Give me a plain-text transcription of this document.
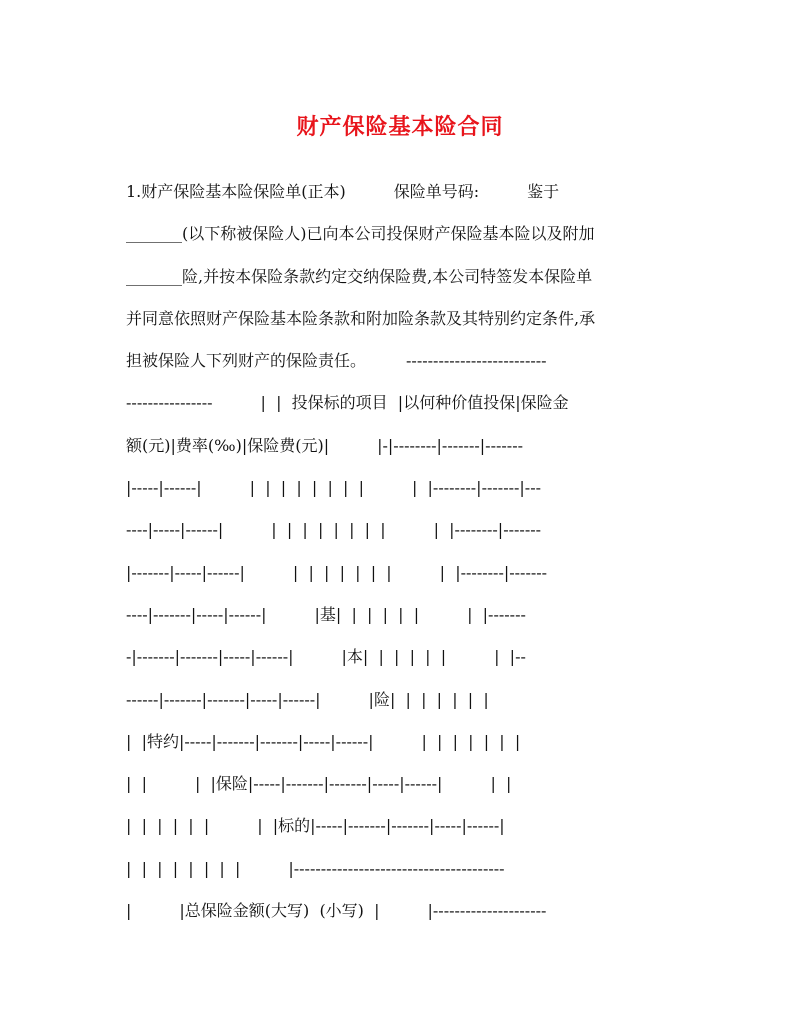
财产保险基本险合同
1.财产保险基本险保险单(正本)　　　保险单号码:　　　鉴于
_______(以下称被保险人)已向本公司投保财产保险基本险以及附加
_______险,并按本保险条款约定交纳保险费,本公司特签发本保险单
并同意依照财产保险基本险条款和附加险条款及其特别约定条件,承
担被保险人下列财产的保险责任。　　　--------------------------
----------------　　　|  |  投保标的项目  |以何种价值投保|保险金
额(元)|费率(‰)|保险费(元)|　　　|-|--------|-------|-------
|-----|------|　　　|  |  |  |  |  |  |  |　　　|  |--------|-------|---
----|-----|------|　　　|  |  |  |  |  |  |  |　　　|  |--------|-------
|-------|-----|------|　　　|  |  |  |  |  |  |　　　|  |--------|-------
----|-------|-----|------|　　　|基|  |  |  |  |  |　　　|  |-------
-|-------|-------|-----|------|　　　|本|  |  |  |  |  |　　　|  |--
------|-------|-------|-----|------|　　　|险|  |  |  |  |  |  |
|  |特约|-----|-------|-------|-----|------|　　　|  |  |  |  |  |  |
|  |　　　|  |保险|-----|-------|-------|-----|------|　　　|  |
|  |  |  |  |  |　　　|  |标的|-----|-------|-------|-----|------|
|  |  |  |  |  |  |  |　　　|---------------------------------------
|　　　|总保险金额(大写)  (小写)  |　　　|---------------------
